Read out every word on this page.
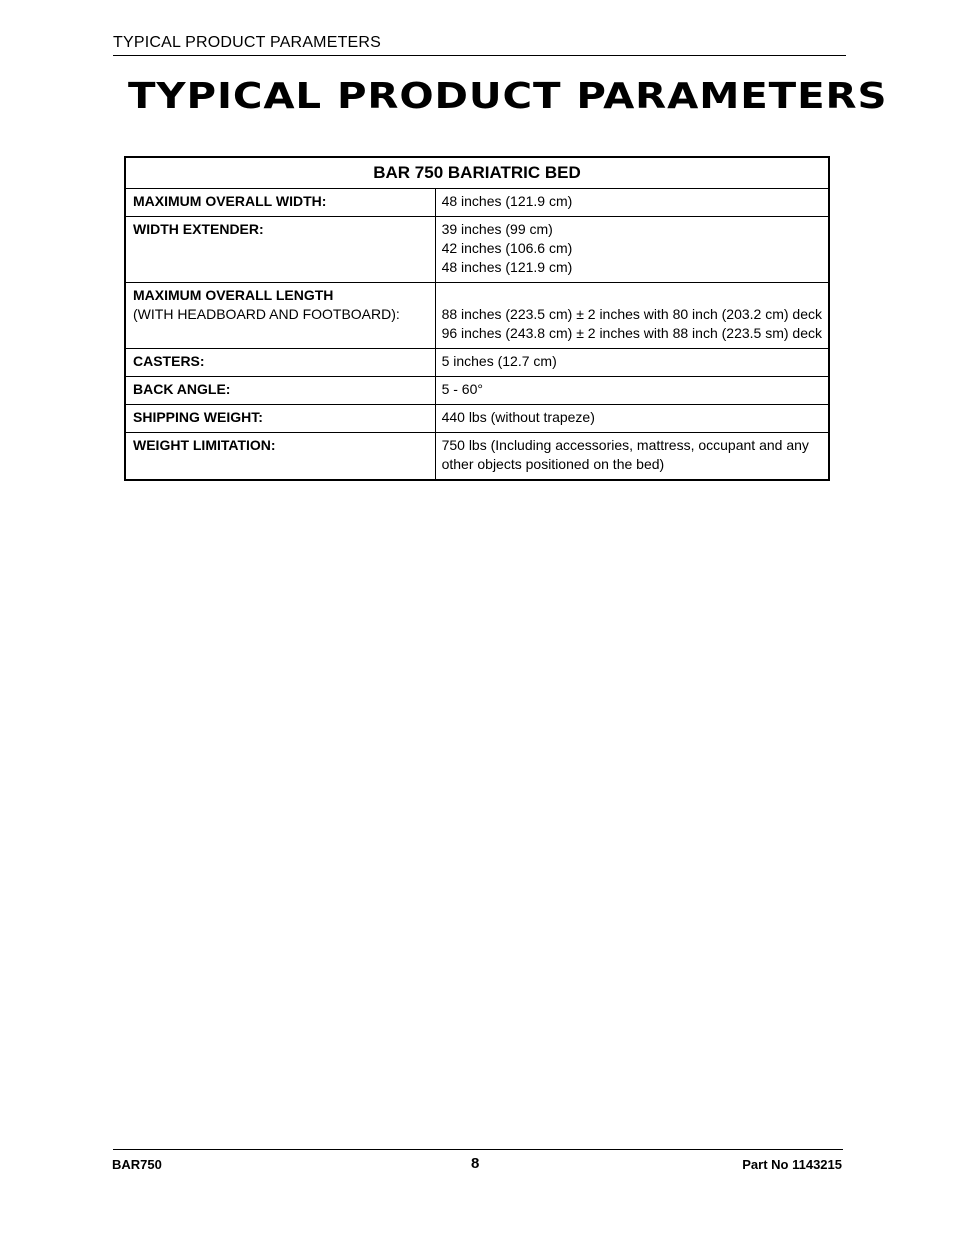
TYPICAL PRODUCT PARAMETERS
TYPICAL PRODUCT PARAMETERS
BAR 750 BARIATRIC BED	
MAXIMUM OVERALL WIDTH:	48 inches (121.9 cm)

WIDTH EXTENDER:	39 inches (99 cm)
42 inches (106.6 cm)
48 inches (121.9 cm)

MAXIMUM OVERALL LENGTH
(WITH HEADBOARD AND FOOTBOARD):	88 inches (223.5 cm) ± 2 inches with 80 inch (203.2 cm) deck
96 inches (243.8 cm) ± 2 inches with 88 inch (223.5 sm) deck

CASTERS:	5 inches (12.7 cm)

BACK ANGLE:	5 - 60°

SHIPPING WEIGHT:	440 lbs (without trapeze)

WEIGHT LIMITATION:	750 lbs (Including accessories, mattress, occupant and any other objects positioned on the bed)
BAR750	8	Part No 1143215
